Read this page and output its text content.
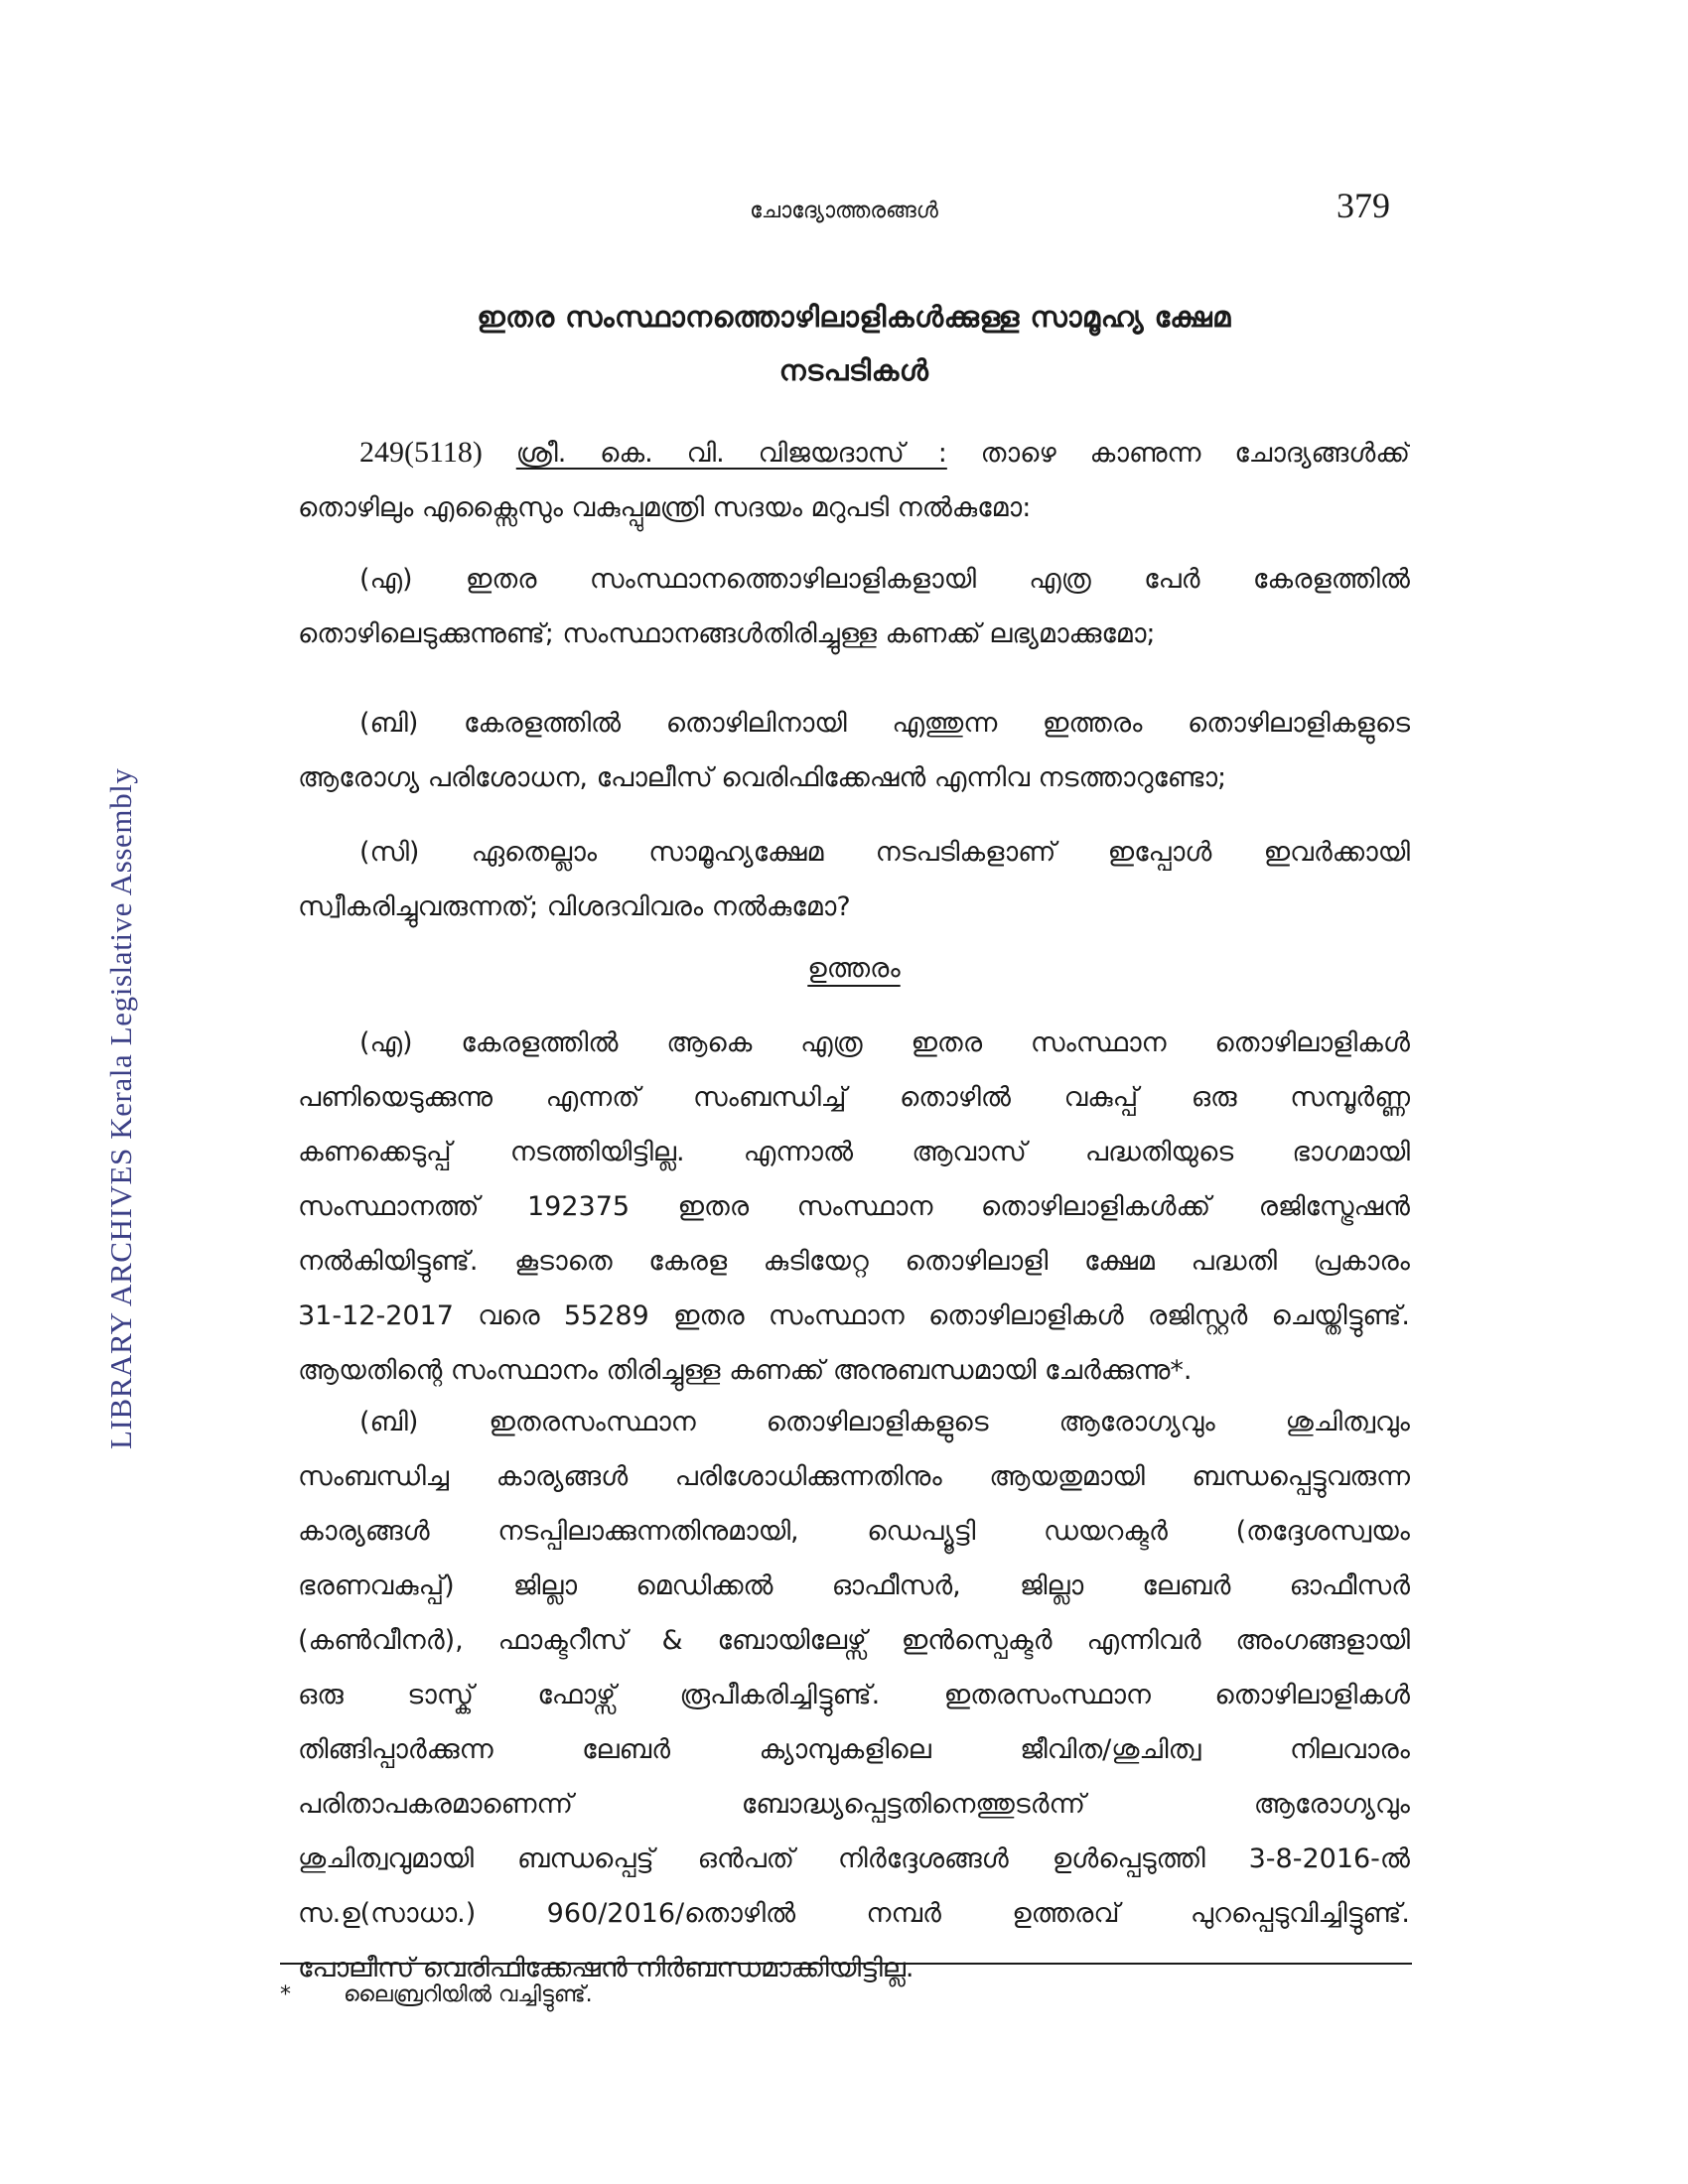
ചോദ്യോത്തരങ്ങൾ	379
LIBRARY ARCHIVES Kerala Legislative Assembly
ഇതര സംസ്ഥാനത്തൊഴിലാളികൾക്കുള്ള സാമൂഹ്യ ക്ഷേമ
നടപടികൾ
249(5118) ശ്രീ. കെ. വി. വിജയദാസ് : താഴെ കാണുന്ന ചോദ്യങ്ങൾക്ക്
തൊഴിലും എക്സൈസും വകുപ്പുമന്ത്രി സദയം മറുപടി നൽകുമോ:
(എ) ഇതര സംസ്ഥാനത്തൊഴിലാളികളായി എത്ര പേർ കേരളത്തിൽ
തൊഴിലെടുക്കുന്നുണ്ട്; സംസ്ഥാനങ്ങൾതിരിച്ചുള്ള കണക്ക് ലഭ്യമാക്കുമോ;
(ബി) കേരളത്തിൽ തൊഴിലിനായി എത്തുന്ന ഇത്തരം തൊഴിലാളികളുടെ
ആരോഗ്യ പരിശോധന, പോലീസ് വെരിഫിക്കേഷൻ എന്നിവ നടത്താറുണ്ടോ;
(സി) ഏതെല്ലാം സാമൂഹ്യക്ഷേമ നടപടികളാണ് ഇപ്പോൾ ഇവർക്കായി
സ്വീകരിച്ചുവരുന്നത്; വിശദവിവരം നൽകുമോ?
ഉത്തരം
(എ) കേരളത്തിൽ ആകെ എത്ര ഇതര സംസ്ഥാന തൊഴിലാളികൾ
പണിയെടുക്കുന്നു എന്നത് സംബന്ധിച്ച് തൊഴിൽ വകുപ്പ് ഒരു സമ്പൂർണ്ണ
കണക്കെടുപ്പ് നടത്തിയിട്ടില്ല. എന്നാൽ ആവാസ് പദ്ധതിയുടെ ഭാഗമായി
സംസ്ഥാനത്ത് 192375 ഇതര സംസ്ഥാന തൊഴിലാളികൾക്ക് രജിസ്ട്രേഷൻ
നൽകിയിട്ടുണ്ട്. കൂടാതെ കേരള കുടിയേറ്റ തൊഴിലാളി ക്ഷേമ പദ്ധതി പ്രകാരം
31-12-2017 വരെ 55289 ഇതര സംസ്ഥാന തൊഴിലാളികൾ രജിസ്റ്റർ ചെയ്തിട്ടുണ്ട്.
ആയതിന്റെ സംസ്ഥാനം തിരിച്ചുള്ള കണക്ക് അനുബന്ധമായി ചേർക്കുന്നു*.
(ബി) ഇതരസംസ്ഥാന തൊഴിലാളികളുടെ ആരോഗ്യവും ശുചിത്വവും
സംബന്ധിച്ച കാര്യങ്ങൾ പരിശോധിക്കുന്നതിനും ആയതുമായി ബന്ധപ്പെട്ടുവരുന്ന
കാര്യങ്ങൾ നടപ്പിലാക്കുന്നതിനുമായി, ഡെപ്യൂട്ടി ഡയറക്ടർ (തദ്ദേശസ്വയം
ഭരണവകുപ്പ്) ജില്ലാ മെഡിക്കൽ ഓഫീസർ, ജില്ലാ ലേബർ ഓഫീസർ
(കൺവീനർ), ഫാക്ടറീസ് & ബോയിലേഴ്സ് ഇൻസ്പെക്ടർ എന്നിവർ അംഗങ്ങളായി
ഒരു ടാസ്ക് ഫോഴ്സ് രൂപീകരിച്ചിട്ടുണ്ട്. ഇതരസംസ്ഥാന തൊഴിലാളികൾ
തിങ്ങിപ്പാർക്കുന്ന ലേബർ ക്യാമ്പുകളിലെ ജീവിത/ശുചിത്വ നിലവാരം
പരിതാപകരമാണെന്ന് ബോദ്ധ്യപ്പെട്ടതിനെത്തുടർന്ന് ആരോഗ്യവും
ശുചിത്വവുമായി ബന്ധപ്പെട്ട് ഒൻപത് നിർദ്ദേശങ്ങൾ ഉൾപ്പെടുത്തി 3-8-2016-ൽ
സ.ഉ(സാധാ.) 960/2016/തൊഴിൽ നമ്പർ ഉത്തരവ് പുറപ്പെടുവിച്ചിട്ടുണ്ട്.
പോലീസ് വെരിഫിക്കേഷൻ നിർബന്ധമാക്കിയിട്ടില്ല.
* ലൈബ്രറിയിൽ വച്ചിട്ടുണ്ട്.
